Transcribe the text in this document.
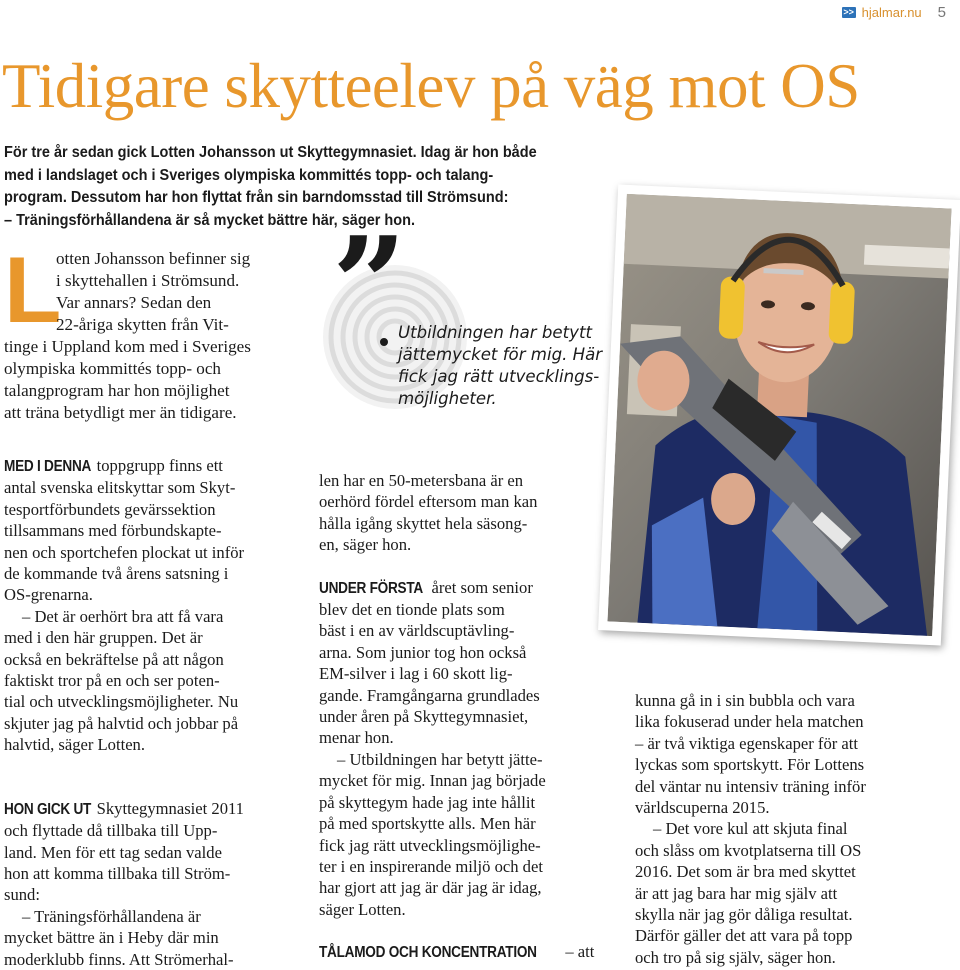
>> hjalmar.nu 5
Tidigare skytteelev på väg mot OS

För tre år sedan gick Lotten Johansson ut Skyttegymnasiet. Idag är hon både

med i landslaget och i Sveriges olympiska kommittés topp- och talang-

program. Dessutom har hon flyttat från sin barndomsstad till Strömsund:

– Träningsförhållandena är så mycket bättre här, säger hon.

L

otten Johansson befinner sig

i skyttehallen i Strömsund.

Var annars? Sedan den

22-åriga skytten från Vit-

tinge i Uppland kom med i Sveriges

olympiska kommittés topp- och

talangprogram har hon möjlighet

att träna betydligt mer än tidigare.

”
Utbildningen har betytt
jättemycket för mig. Här
fick jag rätt utvecklings-
möjligheter.

MED I DENNA toppgrupp finns ett

antal svenska elitskyttar som Skyt-

tesportförbundets gevärssektion

tillsammans med förbundskapte-

nen och sportchefen plockat ut inför

de kommande två årens satsning i

OS-grenarna.

– Det är oerhört bra att få vara

med i den här gruppen. Det är

också en bekräftelse på att någon

faktiskt tror på en och ser poten-

tial och utvecklingsmöjligheter. Nu

skjuter jag på halvtid och jobbar på

halvtid, säger Lotten.

HON GICK UT Skyttegymnasiet 2011

och flyttade då tillbaka till Upp-

land. Men för ett tag sedan valde

hon att komma tillbaka till Ström-

sund:

– Träningsförhållandena är

mycket bättre än i Heby där min

moderklubb finns. Att Strömerhal-

len har en 50-metersbana är en

oerhörd fördel eftersom man kan

hålla igång skyttet hela säsong-

en, säger hon.

UNDER FÖRSTA året som senior

blev det en tionde plats som

bäst i en av världscuptävling-

arna. Som junior tog hon också

EM-silver i lag i 60 skott lig-

gande. Framgångarna grundlades

under åren på Skyttegymnasiet,

menar hon.

– Utbildningen har betytt jätte-

mycket för mig. Innan jag började

på skyttegym hade jag inte hållit

på med sportskytte alls. Men här

fick jag rätt utvecklingsmöjlighe-

ter i en inspirerande miljö och det

har gjort att jag är där jag är idag,

säger Lotten.

TÅLAMOD OCH KONCENTRATION – att

kunna gå in i sin bubbla och vara

lika fokuserad under hela matchen

– är två viktiga egenskaper för att

lyckas som sportskytt. För Lottens

del väntar nu intensiv träning inför

världscuperna 2015.

– Det vore kul att skjuta final

och slåss om kvotplatserna till OS

2016. Det som är bra med skyttet

är att jag bara har mig själv att

skylla när jag gör dåliga resultat.

Därför gäller det att vara på topp

och tro på sig själv, säger hon.
